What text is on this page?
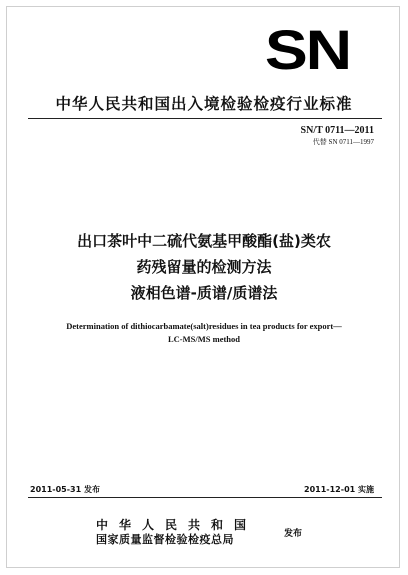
SN
中华人民共和国出入境检验检疫行业标准
SN/T 0711—2011
代替 SN 0711—1997
出口茶叶中二硫代氨基甲酸酯(盐)类农
药残留量的检测方法
液相色谱-质谱/质谱法
Determination of dithiocarbamate(salt)residues in tea products for export—
LC-MS/MS method
2011-05-31 发布	2011-12-01 实施
中华人民共和国
国家质量监督检验检疫总局	发布
